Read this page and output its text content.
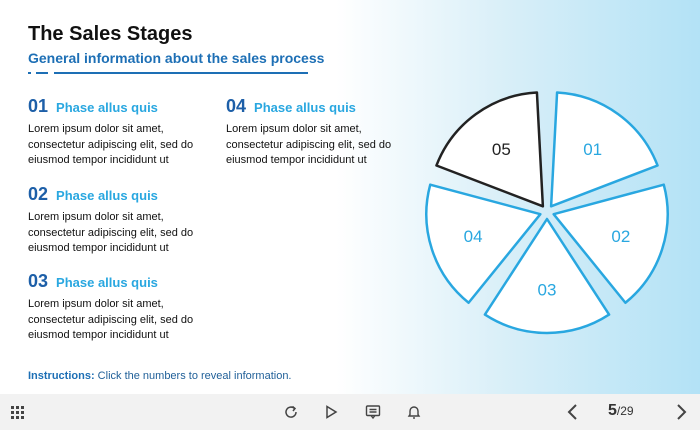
The Sales Stages
General information about the sales process
01 Phase allus quis
Lorem ipsum dolor sit amet, consectetur adipiscing elit, sed do eiusmod tempor incididunt ut
02 Phase allus quis
Lorem ipsum dolor sit amet, consectetur adipiscing elit, sed do eiusmod tempor incididunt ut
03 Phase allus quis
Lorem ipsum dolor sit amet, consectetur adipiscing elit, sed do eiusmod tempor incididunt ut
04 Phase allus quis
Lorem ipsum dolor sit amet, consectetur adipiscing elit, sed do eiusmod tempor incididunt ut
01
02
03
04
05
Instructions: Click the numbers to reveal information.
5/29
